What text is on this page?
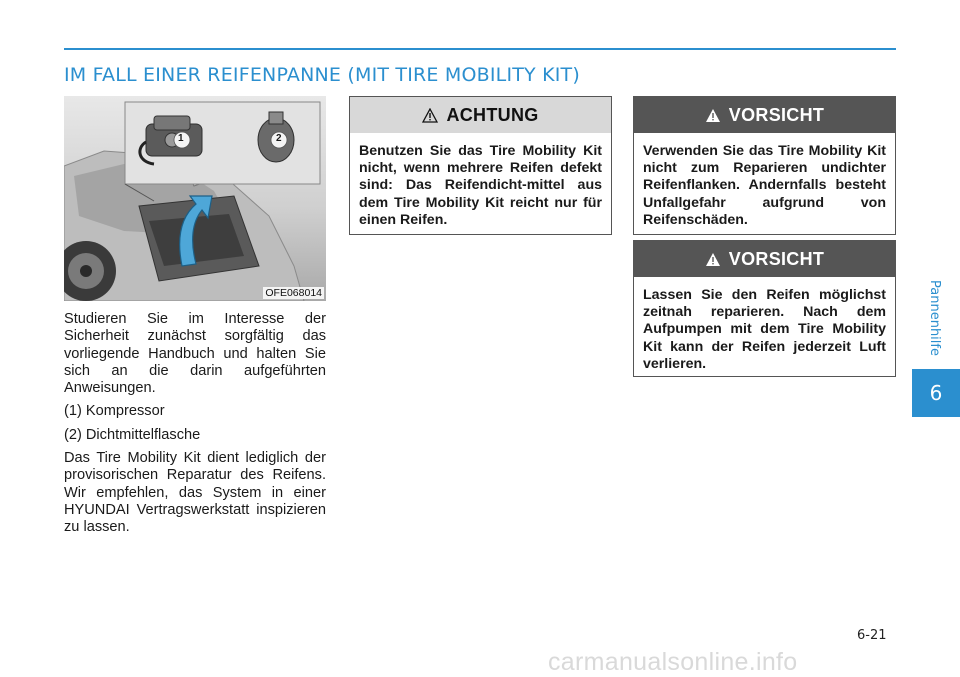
IM FALL EINER REIFENPANNE (MIT TIRE MOBILITY KIT)
1	2
OFE068014

Studieren Sie im Interesse der Sicherheit zunächst sorgfältig das vorliegende Handbuch und halten Sie sich an die darin aufgeführten Anweisungen.

(1) Kompressor

(2) Dichtmittelflasche

Das Tire Mobility Kit dient lediglich der provisorischen Reparatur des Reifens. Wir empfehlen, das System in einer HYUNDAI Vertragswerkstatt inspizieren zu lassen.

ACHTUNG
Benutzen Sie das Tire Mobility Kit nicht, wenn mehrere Reifen defekt sind: Das Reifendicht-mittel aus dem Tire Mobility Kit reicht nur für einen Reifen.
VORSICHT
Verwenden Sie das Tire Mobility Kit nicht zum Reparieren undichter Reifenflanken. Andernfalls besteht Unfallgefahr aufgrund von Reifenschäden.
VORSICHT
Lassen Sie den Reifen möglichst zeitnah reparieren. Nach dem Aufpumpen mit dem Tire Mobility Kit kann der Reifen jederzeit Luft verlieren.
Pannenhilfe
6
6-21
carmanualsonline.info
